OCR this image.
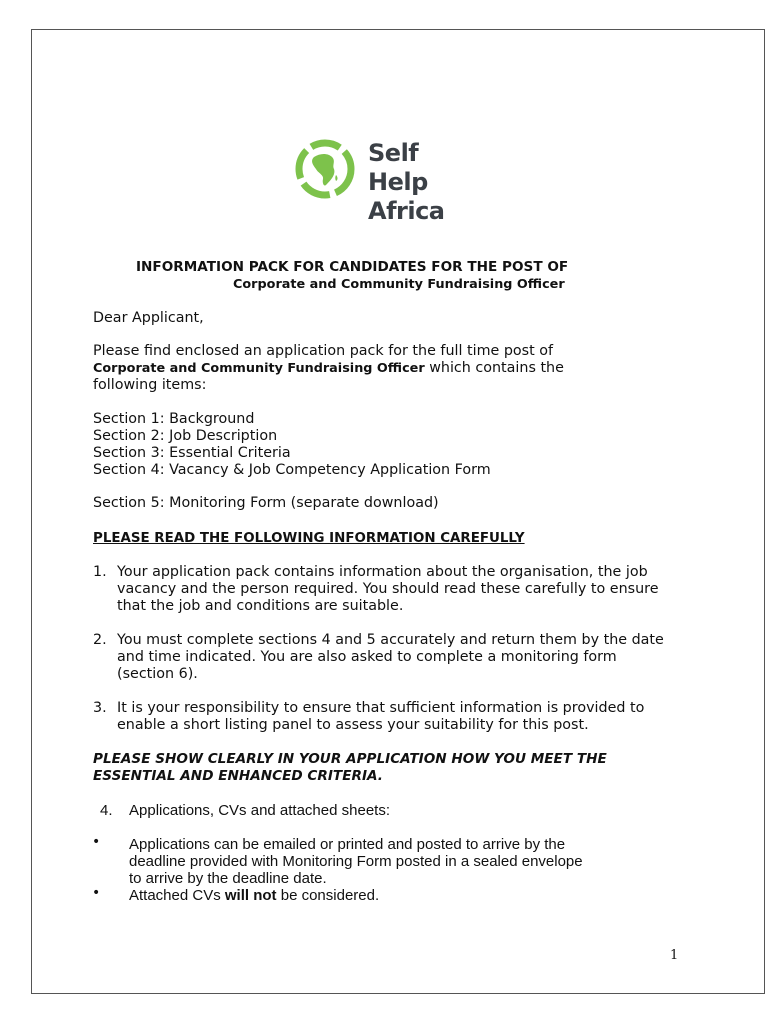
Self Help
Africa
INFORMATION PACK FOR CANDIDATES FOR THE POST OF
Corporate and Community Fundraising Officer
Dear Applicant,
Please find enclosed an application pack for the full time post of
Corporate and Community Fundraising Officer which contains the
following items:
Section 1: Background
Section 2: Job Description
Section 3: Essential Criteria
Section 4: Vacancy & Job Competency Application Form
Section 5: Monitoring Form (separate download)
PLEASE READ THE FOLLOWING INFORMATION CAREFULLY
1. Your application pack contains information about the organisation, the job
vacancy and the person required. You should read these carefully to ensure
that the job and conditions are suitable.
2. You must complete sections 4 and 5 accurately and return them by the date
and time indicated. You are also asked to complete a monitoring form
(section 6).
3. It is your responsibility to ensure that sufficient information is provided to
enable a short listing panel to assess your suitability for this post.
PLEASE SHOW CLEARLY IN YOUR APPLICATION HOW YOU MEET THE
ESSENTIAL AND ENHANCED CRITERIA.
4. Applications, CVs and attached sheets:
• Applications can be emailed or printed and posted to arrive by the
deadline provided with Monitoring Form posted in a sealed envelope
to arrive by the deadline date.
• Attached CVs will not be considered.
1
